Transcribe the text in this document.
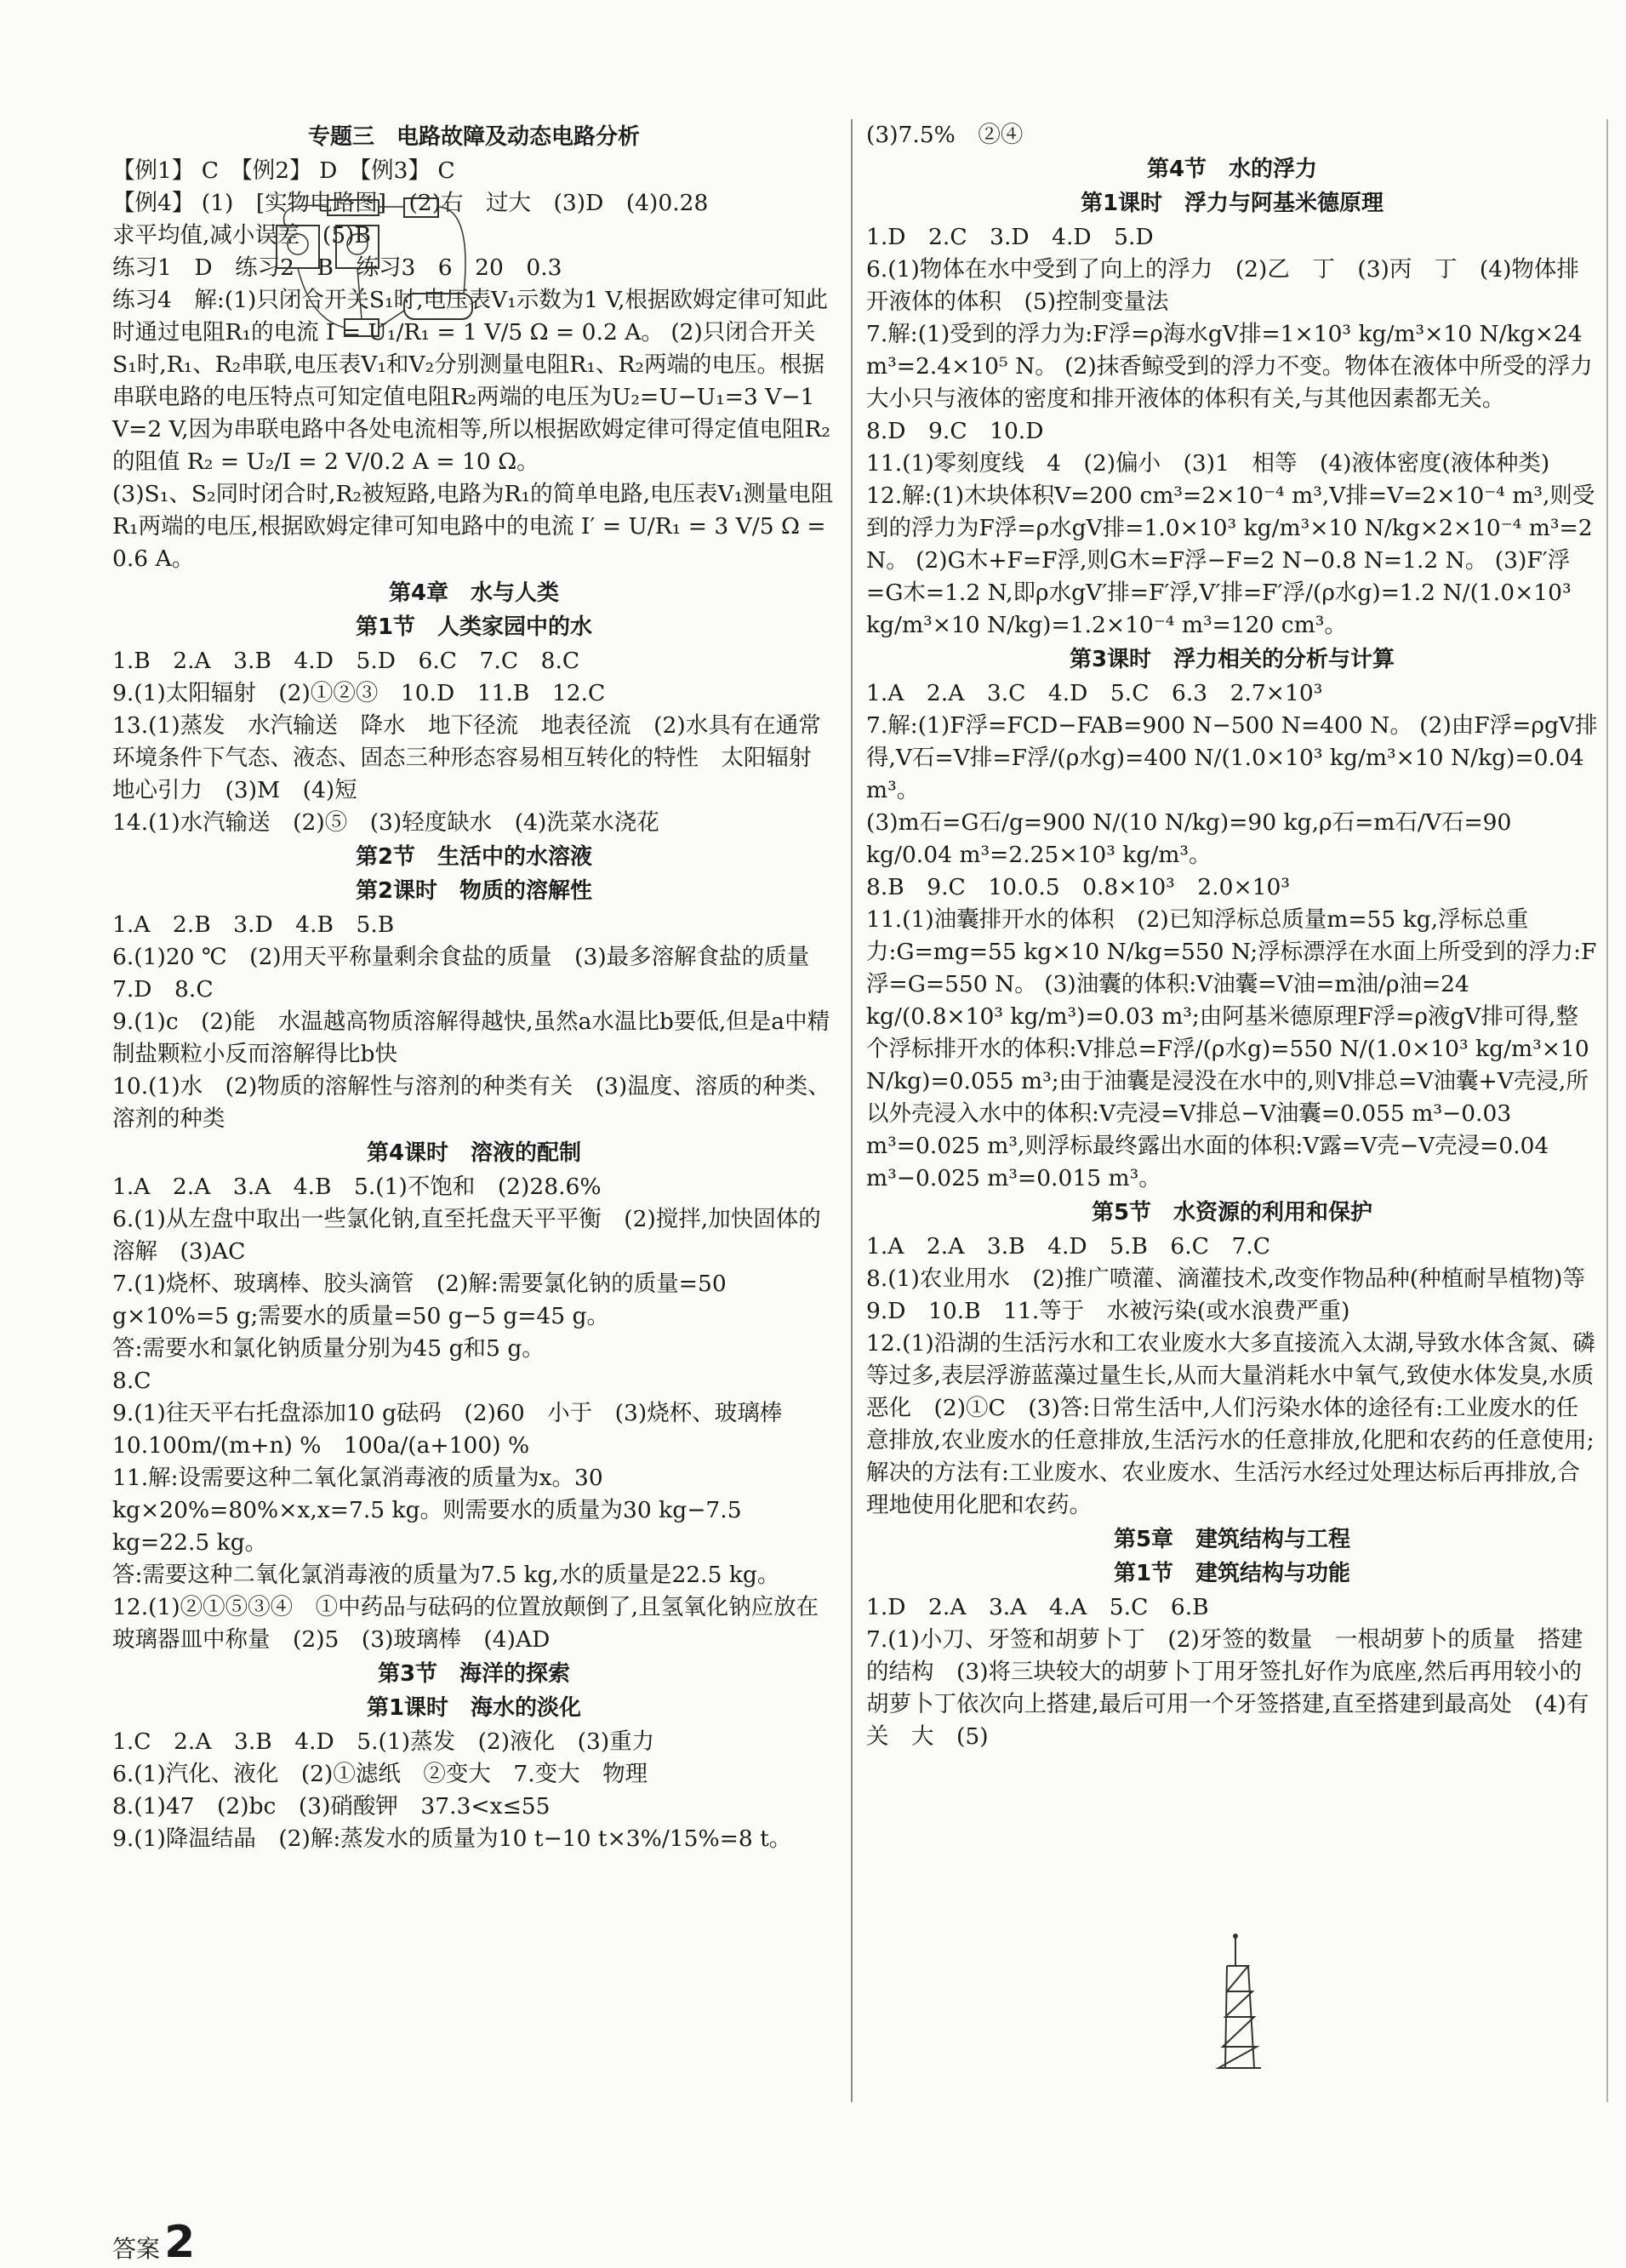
专题三　电路故障及动态电路分析
【例1】 C　【例2】 D　【例3】 C
【例4】 (1)　[实物电路图]　(2)右　过大　(3)D　(4)0.28
求平均值,减小误差　(5)B
练习1　D　练习2　B　练习3　6　20　0.3
练习4　解:(1)只闭合开关S₁时,电压表V₁示数为1 V,根据欧姆定律可知此时通过电阻R₁的电流 I = U₁/R₁ = 1 V/5 Ω = 0.2 A。 (2)只闭合开关S₁时,R₁、R₂串联,电压表V₁和V₂分别测量电阻R₁、R₂两端的电压。根据串联电路的电压特点可知定值电阻R₂两端的电压为U₂=U−U₁=3 V−1 V=2 V,因为串联电路中各处电流相等,所以根据欧姆定律可得定值电阻R₂的阻值 R₂ = U₂/I = 2 V/0.2 A = 10 Ω。
(3)S₁、S₂同时闭合时,R₂被短路,电路为R₁的简单电路,电压表V₁测量电阻R₁两端的电压,根据欧姆定律可知电路中的电流 I′ = U/R₁ = 3 V/5 Ω = 0.6 A。
第4章　水与人类
第1节　人类家园中的水
1.B　2.A　3.B　4.D　5.D　6.C　7.C　8.C
9.(1)太阳辐射　(2)①②③　10.D　11.B　12.C
13.(1)蒸发　水汽输送　降水　地下径流　地表径流　(2)水具有在通常环境条件下气态、液态、固态三种形态容易相互转化的特性　太阳辐射　地心引力　(3)M　(4)短
14.(1)水汽输送　(2)⑤　(3)轻度缺水　(4)洗菜水浇花
第2节　生活中的水溶液
第2课时　物质的溶解性
1.A　2.B　3.D　4.B　5.B
6.(1)20 ℃　(2)用天平称量剩余食盐的质量　(3)最多溶解食盐的质量
7.D　8.C
9.(1)c　(2)能　水温越高物质溶解得越快,虽然a水温比b要低,但是a中精制盐颗粒小反而溶解得比b快
10.(1)水　(2)物质的溶解性与溶剂的种类有关　(3)温度、溶质的种类、溶剂的种类
第4课时　溶液的配制
1.A　2.A　3.A　4.B　5.(1)不饱和　(2)28.6%
6.(1)从左盘中取出一些氯化钠,直至托盘天平平衡　(2)搅拌,加快固体的溶解　(3)AC
7.(1)烧杯、玻璃棒、胶头滴管　(2)解:需要氯化钠的质量=50 g×10%=5 g;需要水的质量=50 g−5 g=45 g。
答:需要水和氯化钠质量分别为45 g和5 g。
8.C
9.(1)往天平右托盘添加10 g砝码　(2)60　小于　(3)烧杯、玻璃棒
10.100m/(m+n) %　100a/(a+100) %
11.解:设需要这种二氧化氯消毒液的质量为x。30 kg×20%=80%×x,x=7.5 kg。则需要水的质量为30 kg−7.5 kg=22.5 kg。
答:需要这种二氧化氯消毒液的质量为7.5 kg,水的质量是22.5 kg。
12.(1)②①⑤③④　①中药品与砝码的位置放颠倒了,且氢氧化钠应放在玻璃器皿中称量　(2)5　(3)玻璃棒　(4)AD
第3节　海洋的探索
第1课时　海水的淡化
1.C　2.A　3.B　4.D　5.(1)蒸发　(2)液化　(3)重力
6.(1)汽化、液化　(2)①滤纸　②变大　7.变大　物理
8.(1)47　(2)bc　(3)硝酸钾　37.3<x≤55
9.(1)降温结晶　(2)解:蒸发水的质量为10 t−10 t×3%/15%=8 t。
(3)7.5%　②④
第4节　水的浮力
第1课时　浮力与阿基米德原理
1.D　2.C　3.D　4.D　5.D
6.(1)物体在水中受到了向上的浮力　(2)乙　丁　(3)丙　丁　(4)物体排开液体的体积　(5)控制变量法
7.解:(1)受到的浮力为:F浮=ρ海水gV排=1×10³ kg/m³×10 N/kg×24 m³=2.4×10⁵ N。 (2)抹香鲸受到的浮力不变。物体在液体中所受的浮力大小只与液体的密度和排开液体的体积有关,与其他因素都无关。
8.D　9.C　10.D
11.(1)零刻度线　4　(2)偏小　(3)1　相等　(4)液体密度(液体种类)
12.解:(1)木块体积V=200 cm³=2×10⁻⁴ m³,V排=V=2×10⁻⁴ m³,则受到的浮力为F浮=ρ水gV排=1.0×10³ kg/m³×10 N/kg×2×10⁻⁴ m³=2 N。 (2)G木+F=F浮,则G木=F浮−F=2 N−0.8 N=1.2 N。 (3)F′浮=G木=1.2 N,即ρ水gV′排=F′浮,V′排=F′浮/(ρ水g)=1.2 N/(1.0×10³ kg/m³×10 N/kg)=1.2×10⁻⁴ m³=120 cm³。
第3课时　浮力相关的分析与计算
1.A　2.A　3.C　4.D　5.C　6.3　2.7×10³
7.解:(1)F浮=FCD−FAB=900 N−500 N=400 N。 (2)由F浮=ρgV排得,V石=V排=F浮/(ρ水g)=400 N/(1.0×10³ kg/m³×10 N/kg)=0.04 m³。
(3)m石=G石/g=900 N/(10 N/kg)=90 kg,ρ石=m石/V石=90 kg/0.04 m³=2.25×10³ kg/m³。
8.B　9.C　10.0.5　0.8×10³　2.0×10³
11.(1)油囊排开水的体积　(2)已知浮标总质量m=55 kg,浮标总重力:G=mg=55 kg×10 N/kg=550 N;浮标漂浮在水面上所受到的浮力:F浮=G=550 N。 (3)油囊的体积:V油囊=V油=m油/ρ油=24 kg/(0.8×10³ kg/m³)=0.03 m³;由阿基米德原理F浮=ρ液gV排可得,整个浮标排开水的体积:V排总=F浮/(ρ水g)=550 N/(1.0×10³ kg/m³×10 N/kg)=0.055 m³;由于油囊是浸没在水中的,则V排总=V油囊+V壳浸,所以外壳浸入水中的体积:V壳浸=V排总−V油囊=0.055 m³−0.03 m³=0.025 m³,则浮标最终露出水面的体积:V露=V壳−V壳浸=0.04 m³−0.025 m³=0.015 m³。
第5节　水资源的利用和保护
1.A　2.A　3.B　4.D　5.B　6.C　7.C
8.(1)农业用水　(2)推广喷灌、滴灌技术,改变作物品种(种植耐旱植物)等
9.D　10.B　11.等于　水被污染(或水浪费严重)
12.(1)沿湖的生活污水和工农业废水大多直接流入太湖,导致水体含氮、磷等过多,表层浮游蓝藻过量生长,从而大量消耗水中氧气,致使水体发臭,水质恶化　(2)①C　(3)答:日常生活中,人们污染水体的途径有:工业废水的任意排放,农业废水的任意排放,生活污水的任意排放,化肥和农药的任意使用;解决的方法有:工业废水、农业废水、生活污水经过处理达标后再排放,合理地使用化肥和农药。
第5章　建筑结构与工程
第1节　建筑结构与功能
1.D　2.A　3.A　4.A　5.C　6.B
7.(1)小刀、牙签和胡萝卜丁　(2)牙签的数量　一根胡萝卜的质量　搭建的结构　(3)将三块较大的胡萝卜丁用牙签扎好作为底座,然后再用较小的胡萝卜丁依次向上搭建,最后可用一个牙签搭建,直至搭建到最高处　(4)有关　大　(5)
答案 2
